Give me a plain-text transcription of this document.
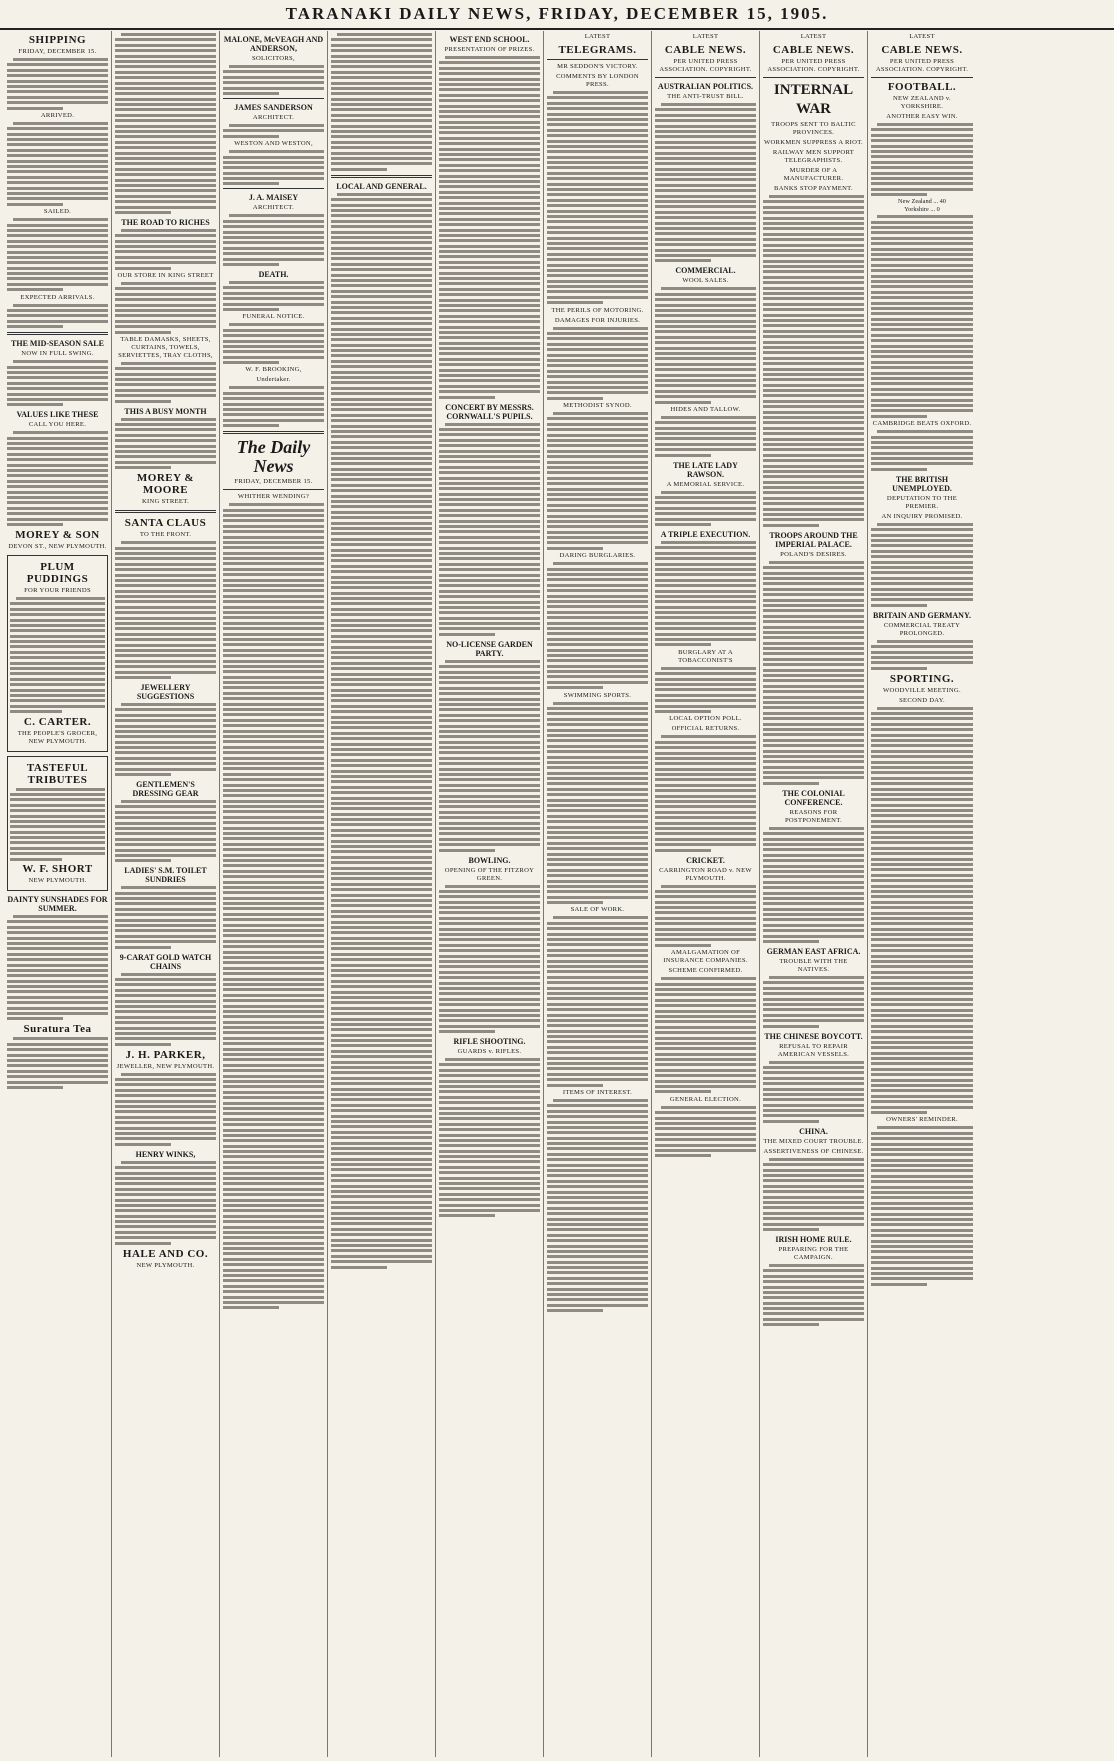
TARANAKI DAILY NEWS, FRIDAY, DECEMBER 15, 1905.
SHIPPING
FRIDAY, DECEMBER 15.
ARRIVED.
SAILED.
EXPECTED ARRIVALS.
THE MID-SEASON SALE
NOW IN FULL SWING.
VALUES LIKE THESE
CALL YOU HERE.
MOREY & SON
DEVON ST., NEW PLYMOUTH.
PLUM PUDDINGS
FOR YOUR FRIENDS
C. CARTER.
THE PEOPLE'S GROCER, NEW PLYMOUTH.
TASTEFUL TRIBUTES
W. F. SHORT
NEW PLYMOUTH.
DAINTY SUNSHADES FOR SUMMER.
Suratura Tea
THE ROAD TO RICHES
OUR STORE IN KING STREET
TABLE DAMASKS, SHEETS, CURTAINS, TOWELS, SERVIETTES, TRAY CLOTHS,
THIS A BUSY MONTH
MOREY & MOORE
KING STREET.
SANTA CLAUS
TO THE FRONT.
JEWELLERY SUGGESTIONS
GENTLEMEN'S DRESSING GEAR
LADIES' S.M. TOILET SUNDRIES
9-CARAT GOLD WATCH CHAINS
J. H. PARKER,
JEWELLER, NEW PLYMOUTH.
HENRY WINKS,
HALE AND CO.
NEW PLYMOUTH.
MALONE, McVEAGH AND ANDERSON,
SOLICITORS,
JAMES SANDERSON
ARCHITECT.
WESTON AND WESTON,
J. A. MAISEY
ARCHITECT.
DEATH.
FUNERAL NOTICE.
W. F. BROOKING,
Undertaker.
The Daily News
FRIDAY, DECEMBER 15.
WHITHER WENDING?
LOCAL AND GENERAL.
WEST END SCHOOL.
PRESENTATION OF PRIZES.
CONCERT BY MESSRS. CORNWALL'S PUPILS.
NO-LICENSE GARDEN PARTY.
BOWLING.
OPENING OF THE FITZROY GREEN.
RIFLE SHOOTING.
GUARDS v. RIFLES.
LATEST
TELEGRAMS.
MR SEDDON'S VICTORY.
COMMENTS BY LONDON PRESS.
THE PERILS OF MOTORING.
DAMAGES FOR INJURIES.
METHODIST SYNOD.
DARING BURGLARIES.
SWIMMING SPORTS.
SALE OF WORK.
ITEMS OF INTEREST.
LATEST
CABLE NEWS.
PER UNITED PRESS ASSOCIATION. COPYRIGHT.
AUSTRALIAN POLITICS.
THE ANTI-TRUST BILL.
COMMERCIAL.
WOOL SALES.
HIDES AND TALLOW.
THE LATE LADY RAWSON.
A MEMORIAL SERVICE.
A TRIPLE EXECUTION.
BURGLARY AT A TOBACCONIST'S
LOCAL OPTION POLL.
OFFICIAL RETURNS.
CRICKET.
CARRINGTON ROAD v. NEW PLYMOUTH.
AMALGAMATION OF INSURANCE COMPANIES.
SCHEME CONFIRMED.
GENERAL ELECTION.
LATEST
CABLE NEWS.
PER UNITED PRESS ASSOCIATION. COPYRIGHT.
INTERNAL WAR
TROOPS SENT TO BALTIC PROVINCES.
WORKMEN SUPPRESS A RIOT.
RAILWAY MEN SUPPORT TELEGRAPHISTS.
MURDER OF A MANUFACTURER.
BANKS STOP PAYMENT.
TROOPS AROUND THE IMPERIAL PALACE.
POLAND'S DESIRES.
THE COLONIAL CONFERENCE.
REASONS FOR POSTPONEMENT.
GERMAN EAST AFRICA.
TROUBLE WITH THE NATIVES.
THE CHINESE BOYCOTT.
REFUSAL TO REPAIR AMERICAN VESSELS.
CHINA.
THE MIXED COURT TROUBLE.
ASSERTIVENESS OF CHINESE.
IRISH HOME RULE.
PREPARING FOR THE CAMPAIGN.
LATEST
CABLE NEWS.
PER UNITED PRESS ASSOCIATION. COPYRIGHT.
FOOTBALL.
NEW ZEALAND v. YORKSHIRE.
ANOTHER EASY WIN.
New Zealand ... 40
Yorkshire ... 0
CAMBRIDGE BEATS OXFORD.
THE BRITISH UNEMPLOYED.
DEPUTATION TO THE PREMIER.
AN INQUIRY PROMISED.
BRITAIN AND GERMANY.
COMMERCIAL TREATY PROLONGED.
SPORTING.
WOODVILLE MEETING.
SECOND DAY.
OWNERS' REMINDER.
